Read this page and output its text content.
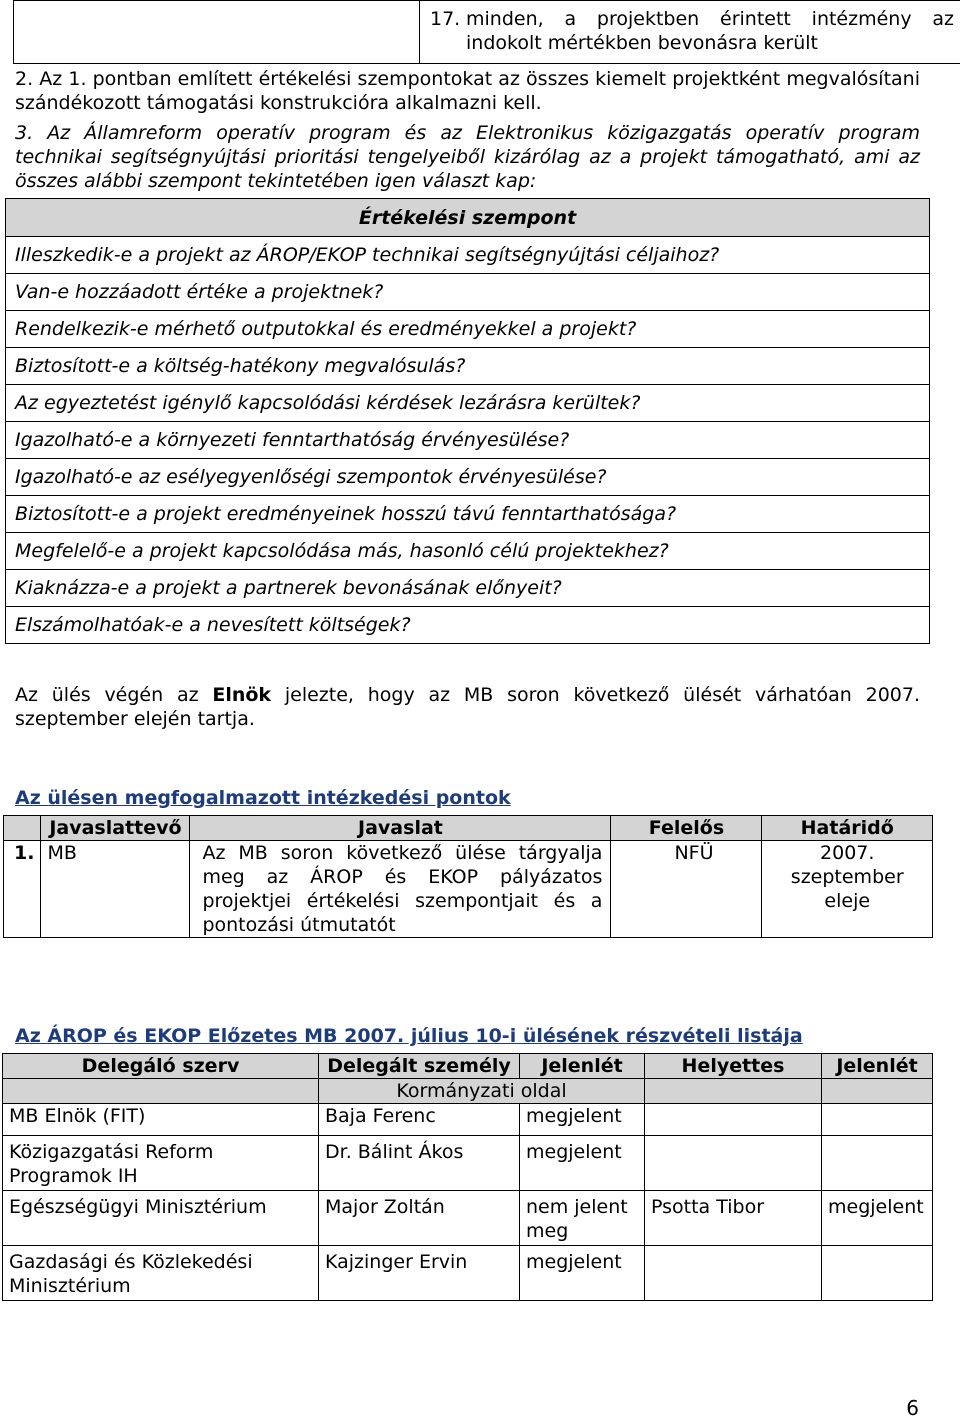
17. minden, a projektben érintett intézmény az indokolt mértékben bevonásra került
2. Az 1. pontban említett értékelési szempontokat az összes kiemelt projektként megvalósítani szándékozott támogatási konstrukcióra alkalmazni kell.
3. Az Államreform operatív program és az Elektronikus közigazgatás operatív program technikai segítségnyújtási prioritási tengelyeiből kizárólag az a projekt támogatható, ami az összes alábbi szempont tekintetében igen választ kap:
Értékelési szempont
Illeszkedik-e a projekt az ÁROP/EKOP technikai segítségnyújtási céljaihoz?
Van-e hozzáadott értéke a projektnek?
Rendelkezik-e mérhető outputokkal és eredményekkel a projekt?
Biztosított-e a költség-hatékony megvalósulás?
Az egyeztetést igénylő kapcsolódási kérdések lezárásra kerültek?
Igazolható-e a környezeti fenntarthatóság érvényesülése?
Igazolható-e az esélyegyenlőségi szempontok érvényesülése?
Biztosított-e a projekt eredményeinek hosszú távú fenntarthatósága?
Megfelelő-e a projekt kapcsolódása más, hasonló célú projektekhez?
Kiaknázza-e a projekt a partnerek bevonásának előnyeit?
Elszámolhatóak-e a nevesített költségek?
Az ülés végén az Elnök jelezte, hogy az MB soron következő ülését várhatóan 2007. szeptember elején tartja.
Az ülésen megfogalmazott intézkedési pontok
	Javaslattevő	Javaslat	Felelős	Határidő
1.	MB	Az MB soron következő ülése tárgyalja meg az ÁROP és EKOP pályázatos projektjei értékelési szempontjait és a pontozási útmutatót	NFÜ	2007. szeptember eleje
Az ÁROP és EKOP Előzetes MB 2007. július 10-i ülésének részvételi listája
Delegáló szerv	Delegált személy	Jelenlét	Helyettes	Jelenlét
	Kormányzati oldal			
MB Elnök (FIT)	Baja Ferenc	megjelent		
Közigazgatási Reform Programok IH	Dr. Bálint Ákos	megjelent		
Egészségügyi Minisztérium	Major Zoltán	nem jelent meg	Psotta Tibor	megjelent
Gazdasági és Közlekedési Minisztérium	Kajzinger Ervin	megjelent		
6
